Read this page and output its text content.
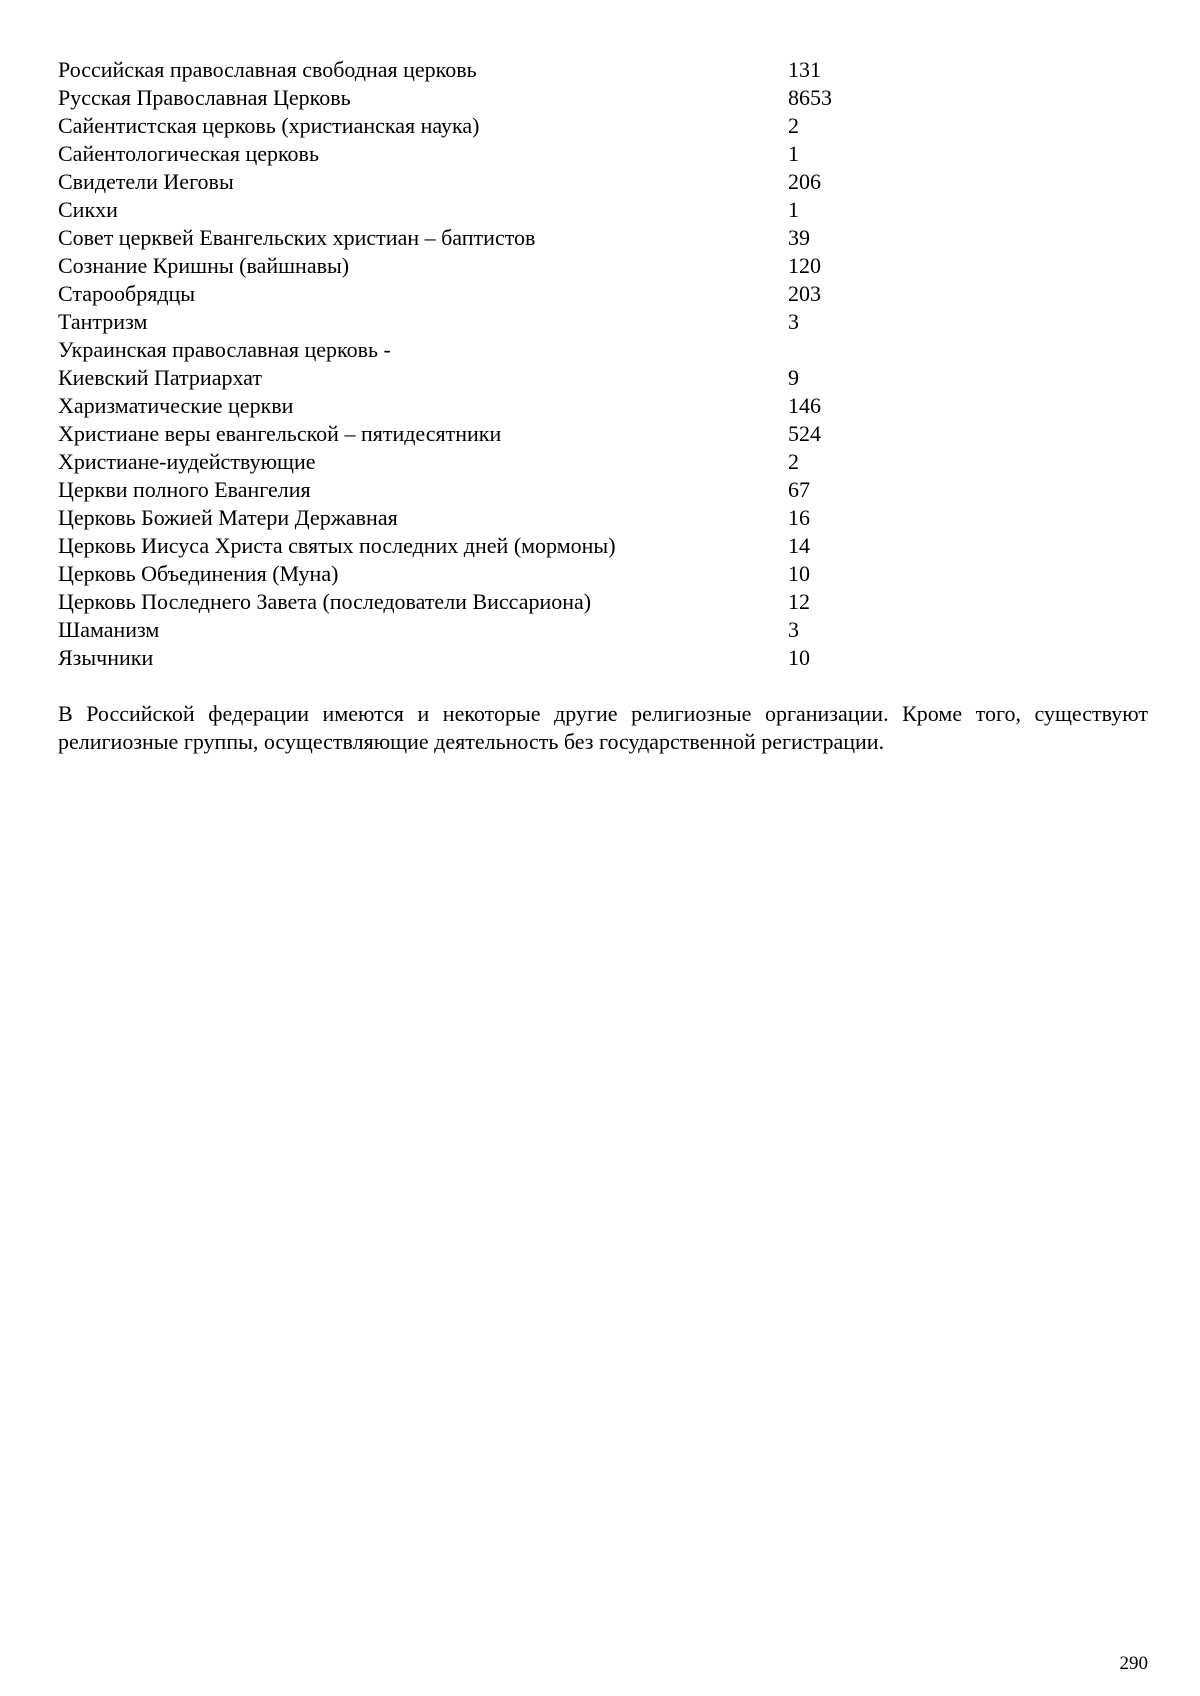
Российская православная свободная церковь	131
Русская Православная Церковь	8653
Сайентистская церковь (христианская наука)	2
Сайентологическая церковь	1
Свидетели Иеговы	206
Сикхи	1
Совет церквей Евангельских христиан – баптистов	39
Сознание Кришны (вайшнавы)	120
Старообрядцы	203
Тантризм	3
Украинская православная церковь -
Киевский Патриархат	9
Харизматические церкви	146
Христиане веры евангельской – пятидесятники	524
Христиане-иудействующие	2
Церкви полного Евангелия	67
Церковь Божией Матери Державная	16
Церковь Иисуса Христа святых последних дней (мормоны)	14
Церковь Объединения (Муна)	10
Церковь Последнего Завета (последователи Виссариона)	12
Шаманизм	3
Язычники	10

В Российской федерации имеются и некоторые другие религиозные организации. Кроме того, существуют религиозные группы, осуществляющие деятельность без государственной регистрации.

290
